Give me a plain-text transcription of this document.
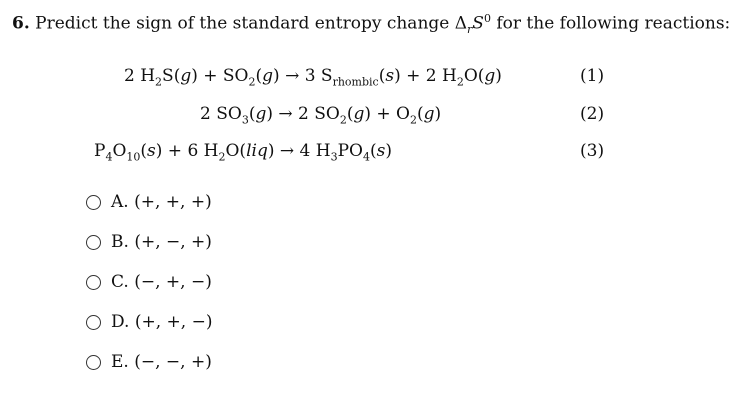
6. Predict the sign of the standard entropy change $\Delta_rS^0$ for the following reactions:
2 $H_2S(g) + SO_2(g) \to 3$ $S_{rhombic}(s) + 2$ $H_2O(g)$	(1)
2 $SO_3(g) \to 2$ $SO_2(g) + O_2(g)$	(2)
$P_4O_{10}(s) + 6$ $H_2O(liq) \to 4$ $H_3PO_4(s)$	(3)
A.
(+, +, +)
B.
(+, −, +)
C.
(−, +, −)
D.
(+, +, −)
E.
(−, −, +)
